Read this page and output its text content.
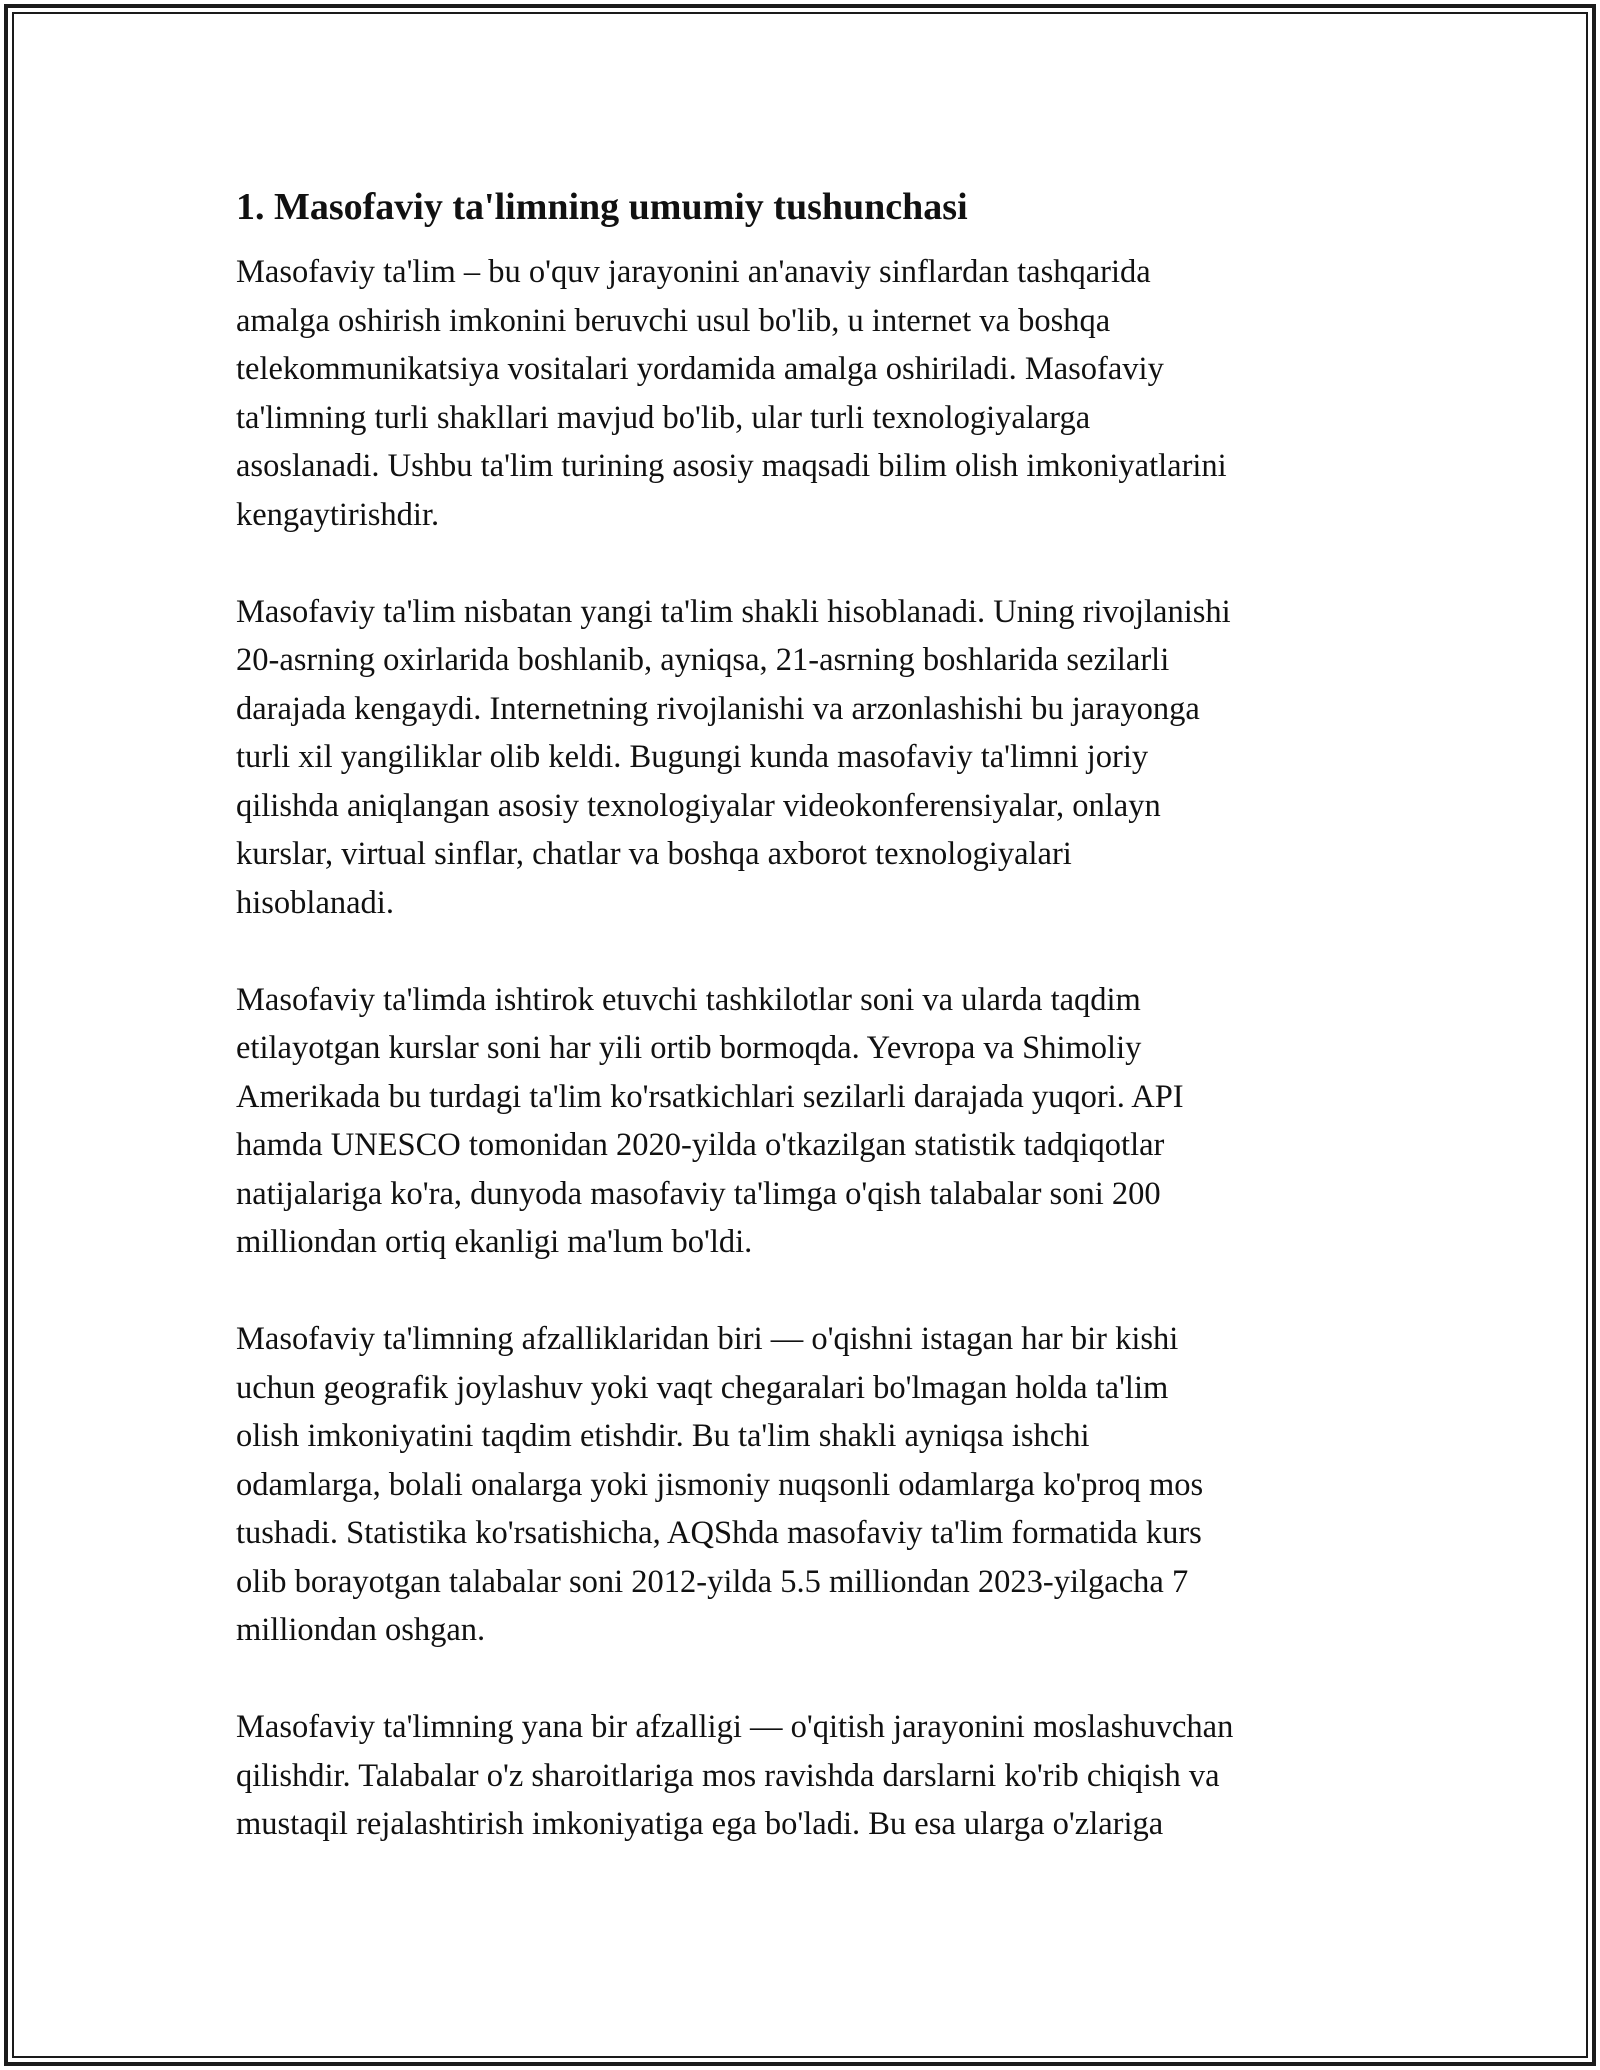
1. Masofaviy ta'limning umumiy tushunchasi

Masofaviy ta'lim – bu o'quv jarayonini an'anaviy sinflardan tashqarida
amalga oshirish imkonini beruvchi usul bo'lib, u internet va boshqa
telekommunikatsiya vositalari yordamida amalga oshiriladi. Masofaviy
ta'limning turli shakllari mavjud bo'lib, ular turli texnologiyalarga
asoslanadi. Ushbu ta'lim turining asosiy maqsadi bilim olish imkoniyatlarini
kengaytirishdir.

Masofaviy ta'lim nisbatan yangi ta'lim shakli hisoblanadi. Uning rivojlanishi
20-asrning oxirlarida boshlanib, ayniqsa, 21-asrning boshlarida sezilarli
darajada kengaydi. Internetning rivojlanishi va arzonlashishi bu jarayonga
turli xil yangiliklar olib keldi. Bugungi kunda masofaviy ta'limni joriy
qilishda aniqlangan asosiy texnologiyalar videokonferensiyalar, onlayn
kurslar, virtual sinflar, chatlar va boshqa axborot texnologiyalari
hisoblanadi.

Masofaviy ta'limda ishtirok etuvchi tashkilotlar soni va ularda taqdim
etilayotgan kurslar soni har yili ortib bormoqda. Yevropa va Shimoliy
Amerikada bu turdagi ta'lim ko'rsatkichlari sezilarli darajada yuqori. API
hamda UNESCO tomonidan 2020-yilda o'tkazilgan statistik tadqiqotlar
natijalariga ko'ra, dunyoda masofaviy ta'limga o'qish talabalar soni 200
milliondan ortiq ekanligi ma'lum bo'ldi.

Masofaviy ta'limning afzalliklaridan biri — o'qishni istagan har bir kishi
uchun geografik joylashuv yoki vaqt chegaralari bo'lmagan holda ta'lim
olish imkoniyatini taqdim etishdir. Bu ta'lim shakli ayniqsa ishchi
odamlarga, bolali onalarga yoki jismoniy nuqsonli odamlarga ko'proq mos
tushadi. Statistika ko'rsatishicha, AQShda masofaviy ta'lim formatida kurs
olib borayotgan talabalar soni 2012-yilda 5.5 milliondan 2023-yilgacha 7
milliondan oshgan.

Masofaviy ta'limning yana bir afzalligi — o'qitish jarayonini moslashuvchan
qilishdir. Talabalar o'z sharoitlariga mos ravishda darslarni ko'rib chiqish va
mustaqil rejalashtirish imkoniyatiga ega bo'ladi. Bu esa ularga o'zlariga
